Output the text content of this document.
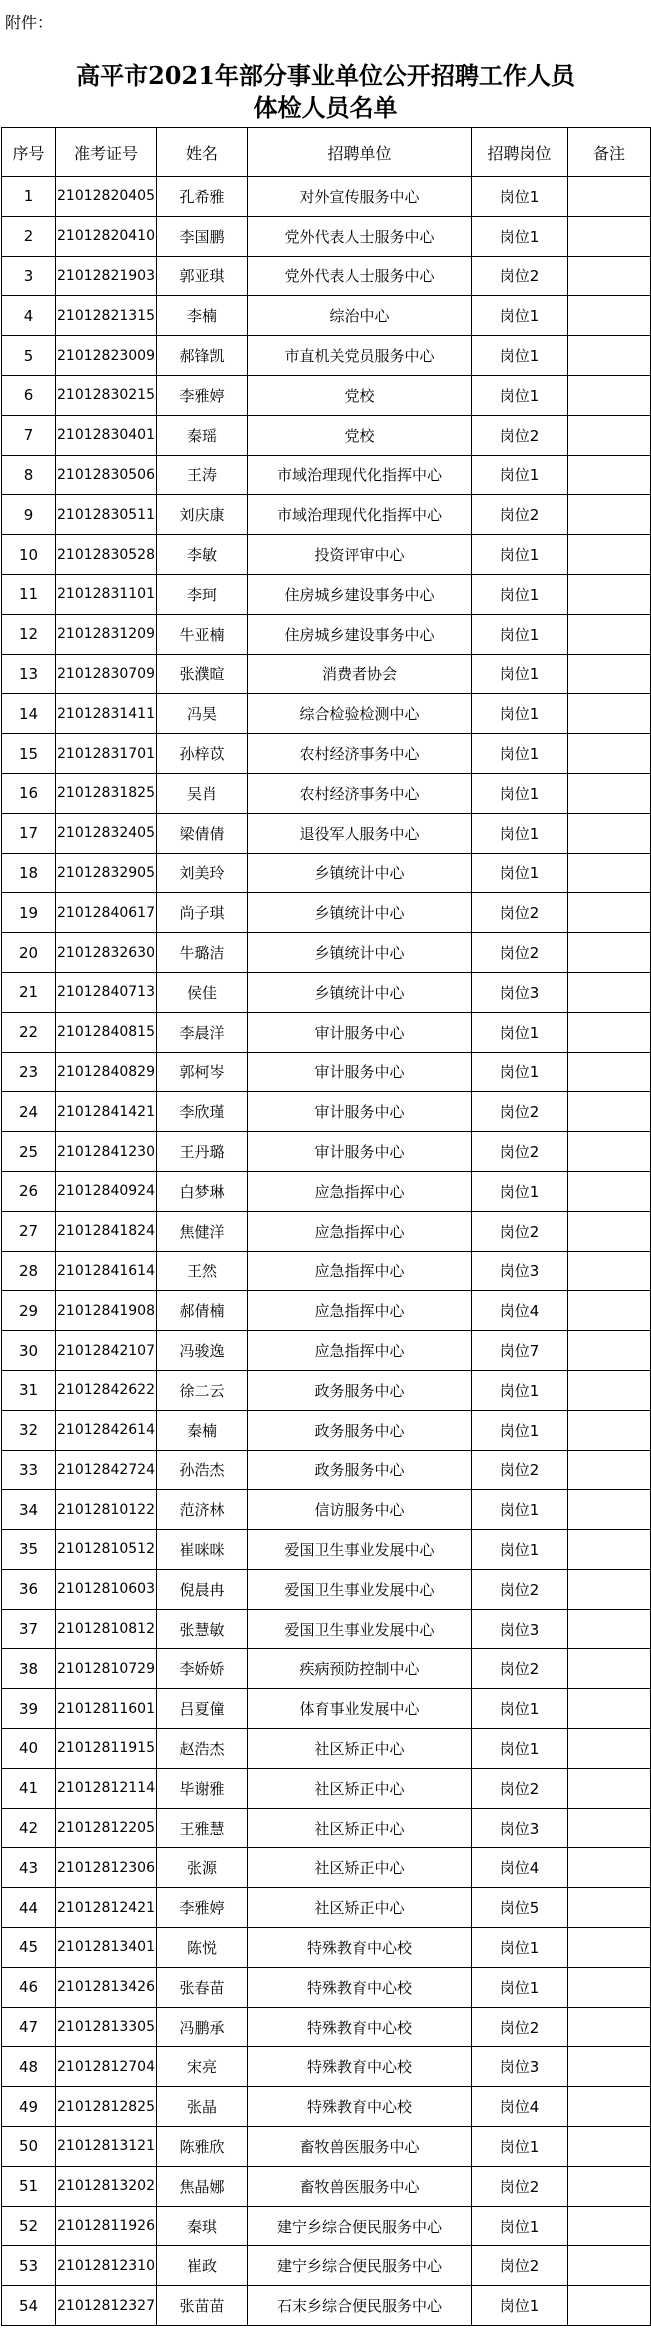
附件：
高平市2021年部分事业单位公开招聘工作人员
体检人员名单
序号	准考证号	姓名	招聘单位	招聘岗位	备注
1	21012820405	孔希雅	对外宣传服务中心	岗位1	
2	21012820410	李国鹏	党外代表人士服务中心	岗位1	
3	21012821903	郭亚琪	党外代表人士服务中心	岗位2	
4	21012821315	李楠	综治中心	岗位1	
5	21012823009	郝锋凯	市直机关党员服务中心	岗位1	
6	21012830215	李雅婷	党校	岗位1	
7	21012830401	秦瑶	党校	岗位2	
8	21012830506	王涛	市域治理现代化指挥中心	岗位1	
9	21012830511	刘庆康	市域治理现代化指挥中心	岗位2	
10	21012830528	李敏	投资评审中心	岗位1	
11	21012831101	李珂	住房城乡建设事务中心	岗位1	
12	21012831209	牛亚楠	住房城乡建设事务中心	岗位1	
13	21012830709	张濮暄	消费者协会	岗位1	
14	21012831411	冯昊	综合检验检测中心	岗位1	
15	21012831701	孙梓苡	农村经济事务中心	岗位1	
16	21012831825	吴肖	农村经济事务中心	岗位1	
17	21012832405	梁倩倩	退役军人服务中心	岗位1	
18	21012832905	刘美玲	乡镇统计中心	岗位1	
19	21012840617	尚子琪	乡镇统计中心	岗位2	
20	21012832630	牛璐洁	乡镇统计中心	岗位2	
21	21012840713	侯佳	乡镇统计中心	岗位3	
22	21012840815	李晨洋	审计服务中心	岗位1	
23	21012840829	郭柯岑	审计服务中心	岗位1	
24	21012841421	李欣瑾	审计服务中心	岗位2	
25	21012841230	王丹璐	审计服务中心	岗位2	
26	21012840924	白梦琳	应急指挥中心	岗位1	
27	21012841824	焦健洋	应急指挥中心	岗位2	
28	21012841614	王然	应急指挥中心	岗位3	
29	21012841908	郝倩楠	应急指挥中心	岗位4	
30	21012842107	冯骏逸	应急指挥中心	岗位7	
31	21012842622	徐二云	政务服务中心	岗位1	
32	21012842614	秦楠	政务服务中心	岗位1	
33	21012842724	孙浩杰	政务服务中心	岗位2	
34	21012810122	范济林	信访服务中心	岗位1	
35	21012810512	崔咪咪	爱国卫生事业发展中心	岗位1	
36	21012810603	倪晨冉	爱国卫生事业发展中心	岗位2	
37	21012810812	张慧敏	爱国卫生事业发展中心	岗位3	
38	21012810729	李娇娇	疾病预防控制中心	岗位2	
39	21012811601	吕夏僮	体育事业发展中心	岗位1	
40	21012811915	赵浩杰	社区矫正中心	岗位1	
41	21012812114	毕谢雅	社区矫正中心	岗位2	
42	21012812205	王雅慧	社区矫正中心	岗位3	
43	21012812306	张源	社区矫正中心	岗位4	
44	21012812421	李雅婷	社区矫正中心	岗位5	
45	21012813401	陈悦	特殊教育中心校	岗位1	
46	21012813426	张春苗	特殊教育中心校	岗位1	
47	21012813305	冯鹏承	特殊教育中心校	岗位2	
48	21012812704	宋亮	特殊教育中心校	岗位3	
49	21012812825	张晶	特殊教育中心校	岗位4	
50	21012813121	陈雅欣	畜牧兽医服务中心	岗位1	
51	21012813202	焦晶娜	畜牧兽医服务中心	岗位2	
52	21012811926	秦琪	建宁乡综合便民服务中心	岗位1	
53	21012812310	崔政	建宁乡综合便民服务中心	岗位2	
54	21012812327	张苗苗	石末乡综合便民服务中心	岗位1	
